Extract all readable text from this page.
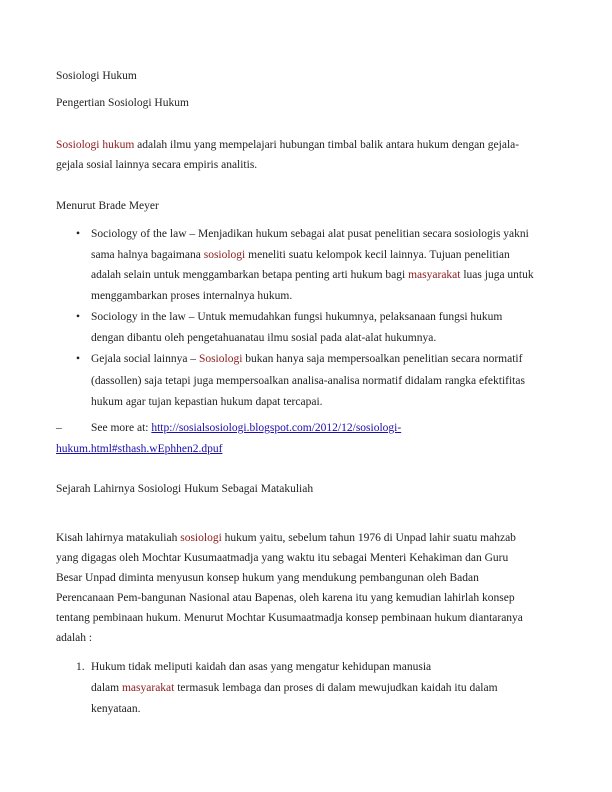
Sosiologi Hukum
Pengertian Sosiologi Hukum
Sosiologi hukum adalah ilmu yang mempelajari hubungan timbal balik antara hukum dengan gejala-
gejala sosial lainnya secara empiris analitis.
Menurut Brade Meyer
• Sociology of the law – Menjadikan hukum sebagai alat pusat penelitian secara sosiologis yakni
sama halnya bagaimana sosiologi meneliti suatu kelompok kecil lainnya. Tujuan penelitian
adalah selain untuk menggambarkan betapa penting arti hukum bagi masyarakat luas juga untuk
menggambarkan proses internalnya hukum.
• Sociology in the law – Untuk memudahkan fungsi hukumnya, pelaksanaan fungsi hukum
dengan dibantu oleh pengetahuanatau ilmu sosial pada alat-alat hukumnya.
• Gejala social lainnya – Sosiologi bukan hanya saja mempersoalkan penelitian secara normatif
(dassollen) saja tetapi juga mempersoalkan analisa-analisa normatif didalam rangka efektifitas
hukum agar tujan kepastian hukum dapat tercapai.
–	See more at: http://sosialsosiologi.blogspot.com/2012/12/sosiologi-
hukum.html#sthash.wEphhen2.dpuf
Sejarah Lahirnya Sosiologi Hukum Sebagai Matakuliah
Kisah lahirnya matakuliah sosiologi hukum yaitu, sebelum tahun 1976 di Unpad lahir suatu mahzab
yang digagas oleh Mochtar Kusumaatmadja yang waktu itu sebagai Menteri Kehakiman dan Guru
Besar Unpad diminta menyusun konsep hukum yang mendukung pembangunan oleh Badan
Perencanaan Pem-bangunan Nasional atau Bapenas, oleh karena itu yang kemudian lahirlah konsep
tentang pembinaan hukum. Menurut Mochtar Kusumaatmadja konsep pembinaan hukum diantaranya
adalah :
1. Hukum tidak meliputi kaidah dan asas yang mengatur kehidupan manusia
dalam masyarakat termasuk lembaga dan proses di dalam mewujudkan kaidah itu dalam
kenyataan.
